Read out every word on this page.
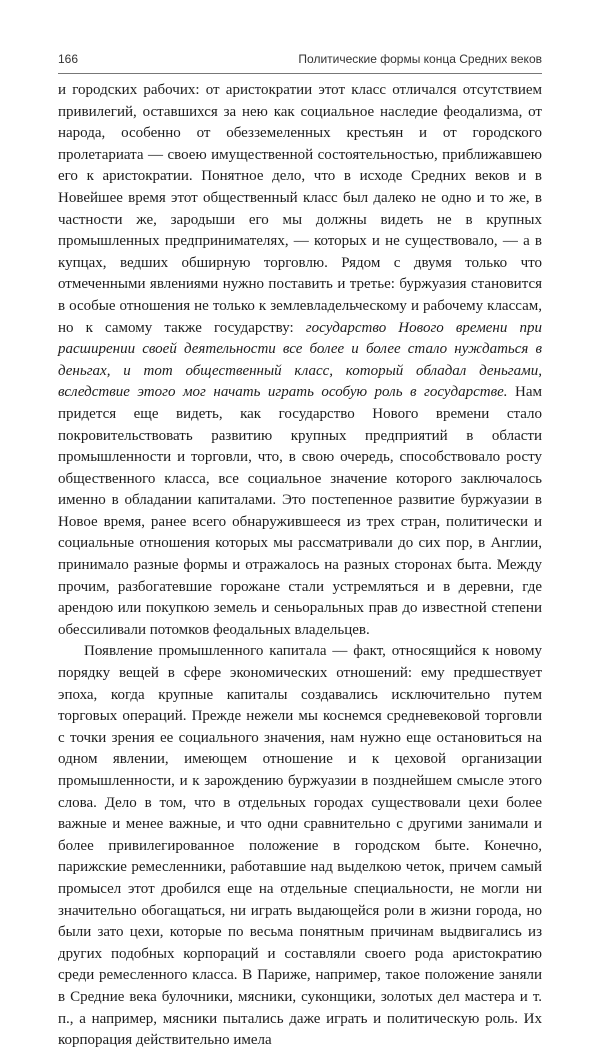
166	Политические формы конца Средних веков

и городских рабочих: от аристократии этот класс отличался отсутствием привилегий, оставшихся за нею как социальное наследие феодализма, от народа, особенно от обезземеленных крестьян и от городского пролетариата — своею имущественной состоятельностью, приближавшею его к аристократии. Понятное дело, что в исходе Средних веков и в Новейшее время этот общественный класс был далеко не одно и то же, в частности же, зародыши его мы должны видеть не в крупных промышленных предпринимателях, — которых и не существовало, — а в купцах, ведших обширную торговлю. Рядом с двумя только что отмеченными явлениями нужно поставить и третье: буржуазия становится в особые отношения не только к землевладельческому и рабочему классам, но к самому также государству: государство Нового времени при расширении своей деятельности все более и более стало нуждаться в деньгах, и тот общественный класс, который обладал деньгами, вследствие этого мог начать играть особую роль в государстве. Нам придется еще видеть, как государство Нового времени стало покровительствовать развитию крупных предприятий в области промышленности и торговли, что, в свою очередь, способствовало росту общественного класса, все социальное значение которого заключалось именно в обладании капиталами. Это постепенное развитие буржуазии в Новое время, ранее всего обнаружившееся из трех стран, политически и социальные отношения которых мы рассматривали до сих пор, в Англии, принимало разные формы и отражалось на разных сторонах быта. Между прочим, разбогатевшие горожане стали устремляться и в деревни, где арендою или покупкою земель и сеньоральных прав до известной степени обессиливали потомков феодальных владельцев.

Появление промышленного капитала — факт, относящийся к новому порядку вещей в сфере экономических отношений: ему предшествует эпоха, когда крупные капиталы создавались исключительно путем торговых операций. Прежде нежели мы коснемся средневековой торговли с точки зрения ее социального значения, нам нужно еще остановиться на одном явлении, имеющем отношение и к цеховой организации промышленности, и к зарождению буржуазии в позднейшем смысле этого слова. Дело в том, что в отдельных городах существовали цехи более важные и менее важные, и что одни сравнительно с другими занимали и более привилегированное положение в городском быте. Конечно, парижские ремесленники, работавшие над выделкою четок, причем самый промысел этот дробился еще на отдельные специальности, не могли ни значительно обогащаться, ни играть выдающейся роли в жизни города, но были зато цехи, которые по весьма понятным причинам выдвигались из других подобных корпораций и составляли своего рода аристократию среди ремесленного класса. В Париже, например, такое положение заняли в Средние века булочники, мясники, суконщики, золотых дел мастера и т. п., а например, мясники пытались даже играть и политическую роль. Их корпорация действительно имела
